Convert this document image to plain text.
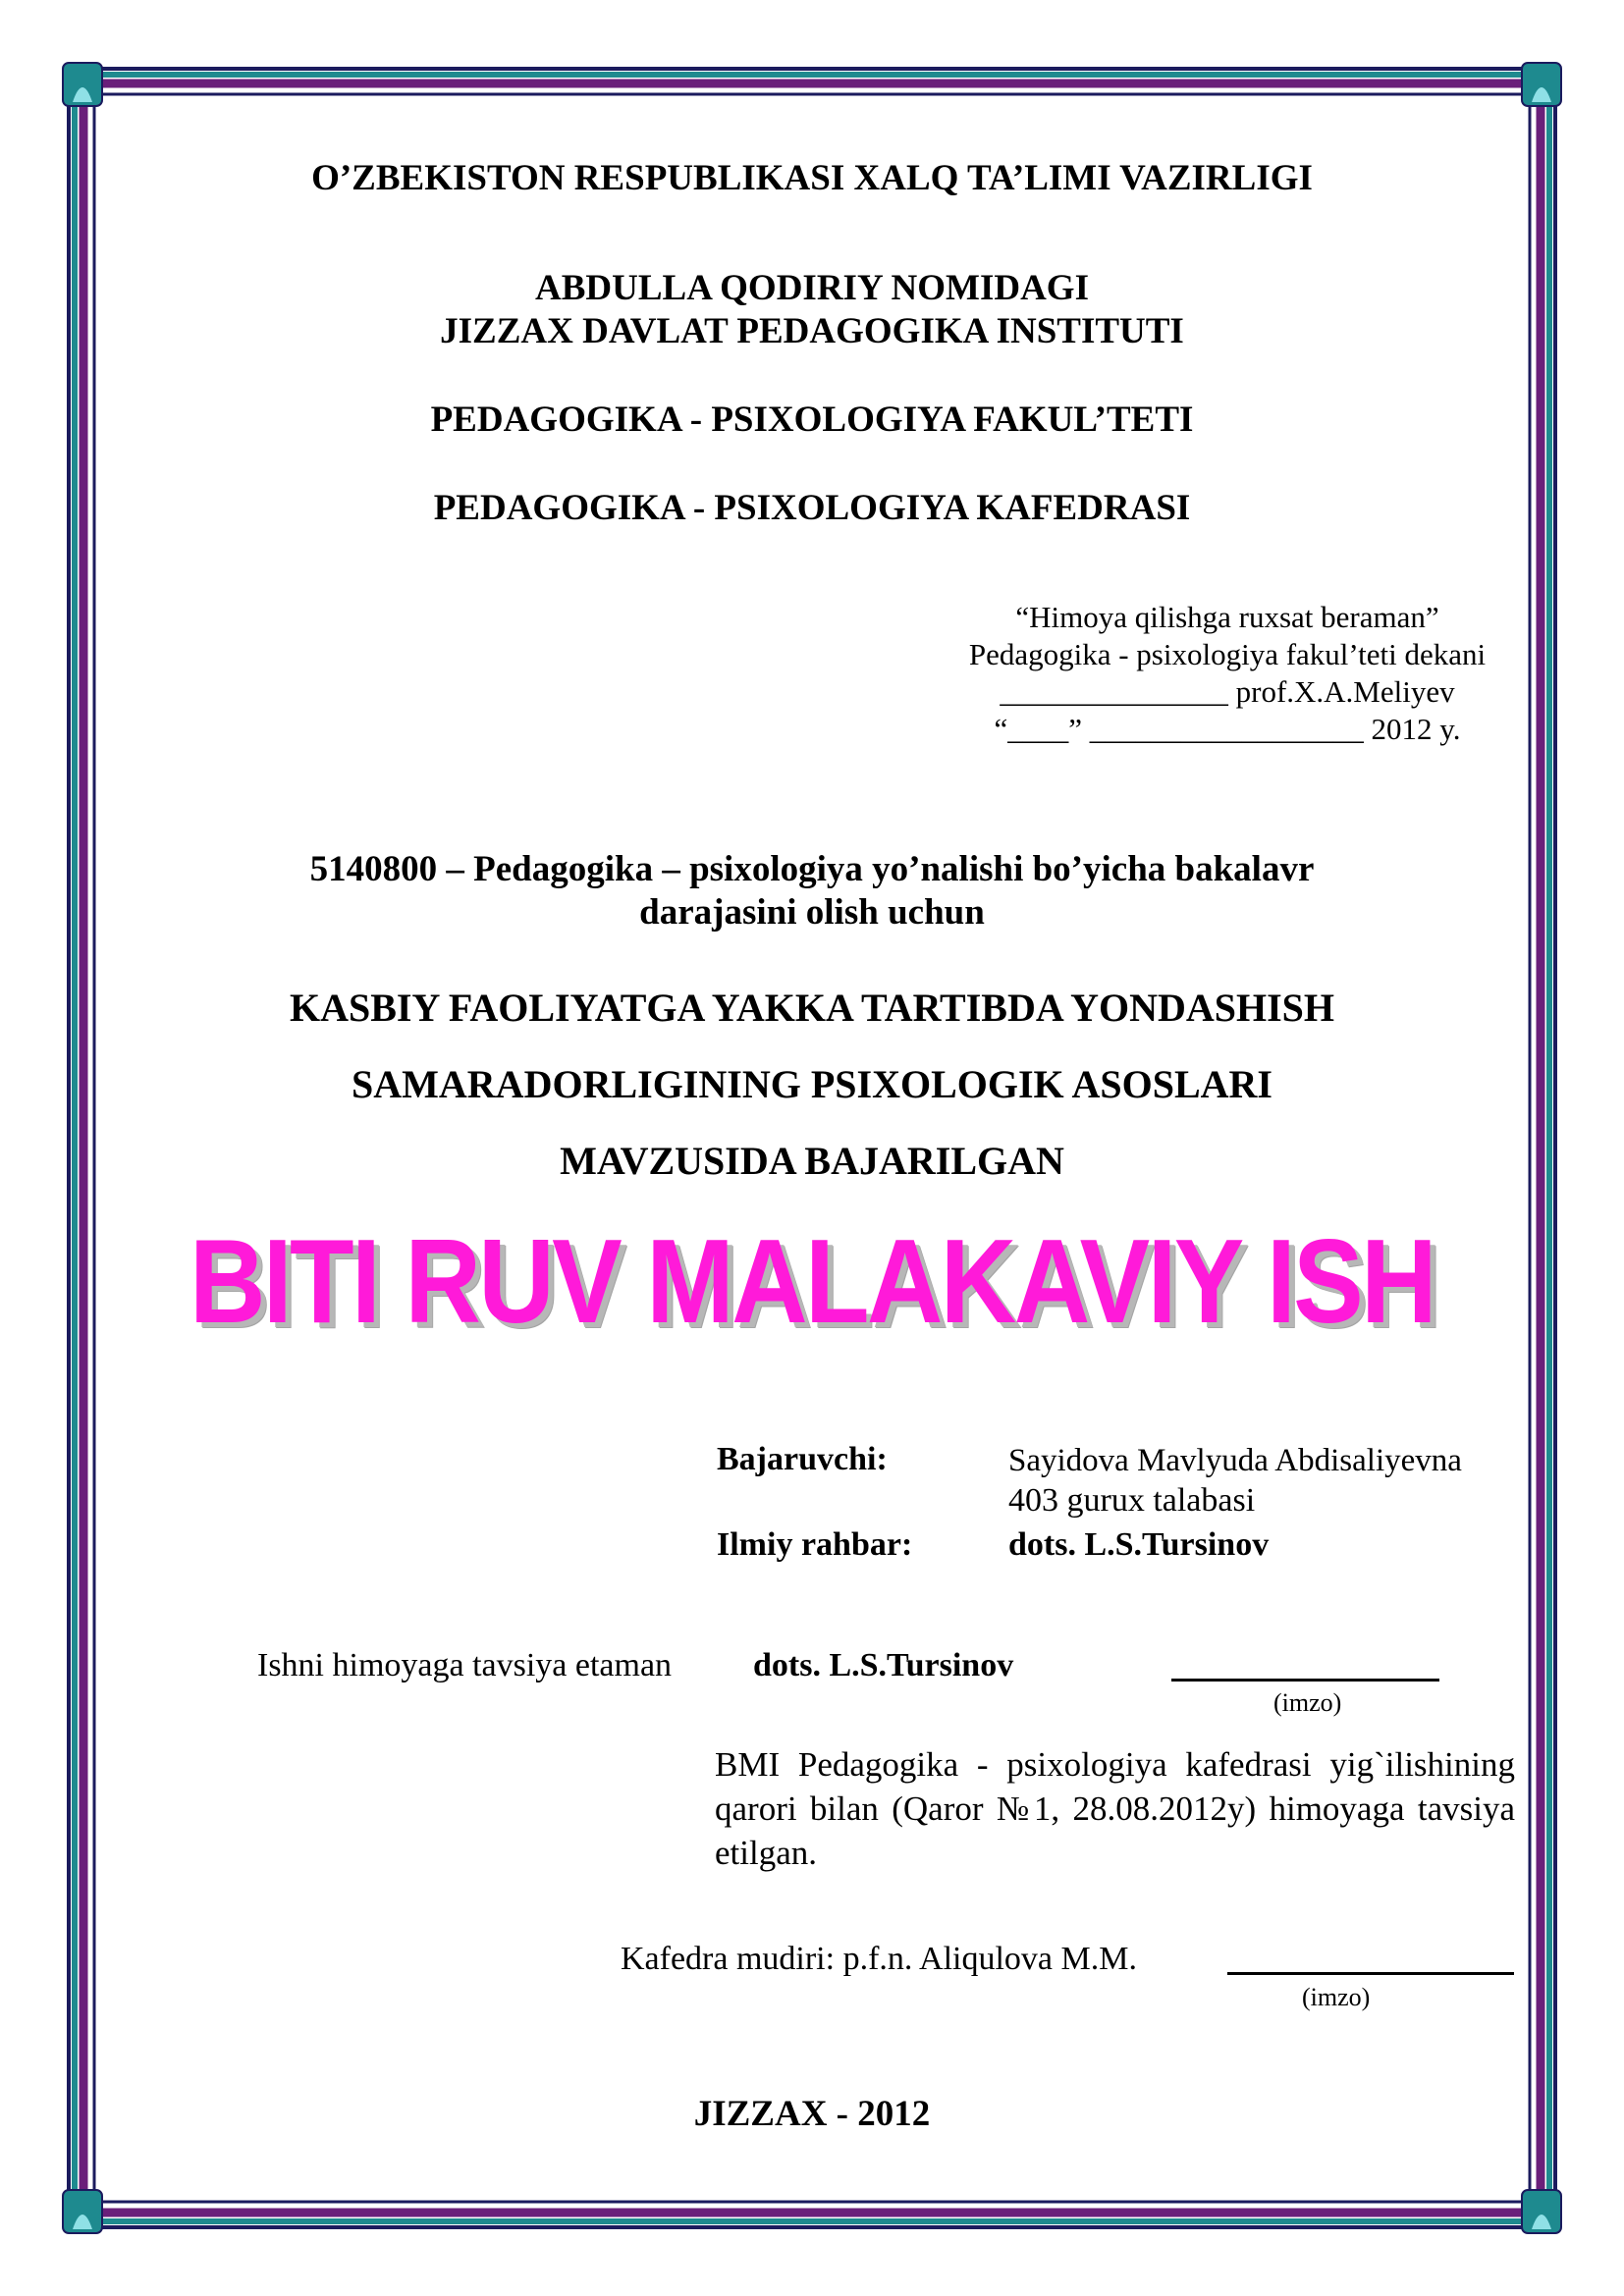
O’ZBEKISTON RESPUBLIKASI XALQ TA’LIMI VAZIRLIGI
ABDULLA QODIRIY NOMIDAGI
JIZZAX DAVLAT PEDAGOGIKA INSTITUTI
PEDAGOGIKA - PSIXOLOGIYA FAKUL’TETI
PEDAGOGIKA - PSIXOLOGIYA KAFEDRASI
“Himoya qilishga ruxsat beraman”
Pedagogika - psixologiya fakul’teti dekani
_______________ prof.X.A.Meliyev
“____” __________________ 2012 y.
5140800 – Pedagogika – psixologiya yo’nalishi bo’yicha bakalavr
darajasini olish uchun
KASBIY FAOLIYATGA YAKKA TARTIBDA YONDASHISH
SAMARADORLIGINING PSIXOLOGIK ASOSLARI
MAVZUSIDA BAJARILGAN
BITI RUV MALAKAVIY ISH
Bajaruvchi:	Sayidova Mavlyuda Abdisaliyevna
403 gurux talabasi
Ilmiy rahbar:	dots. L.S.Tursinov
Ishni himoyaga tavsiya etaman dots. L.S.Tursinov
(imzo)
BMI Pedagogika - psixologiya kafedrasi yig`ilishining qarori bilan (Qaror №1, 28.08.2012y) himoyaga tavsiya etilgan.
Kafedra mudiri: p.f.n. Aliqulova M.M.
(imzo)
JIZZAX - 2012
